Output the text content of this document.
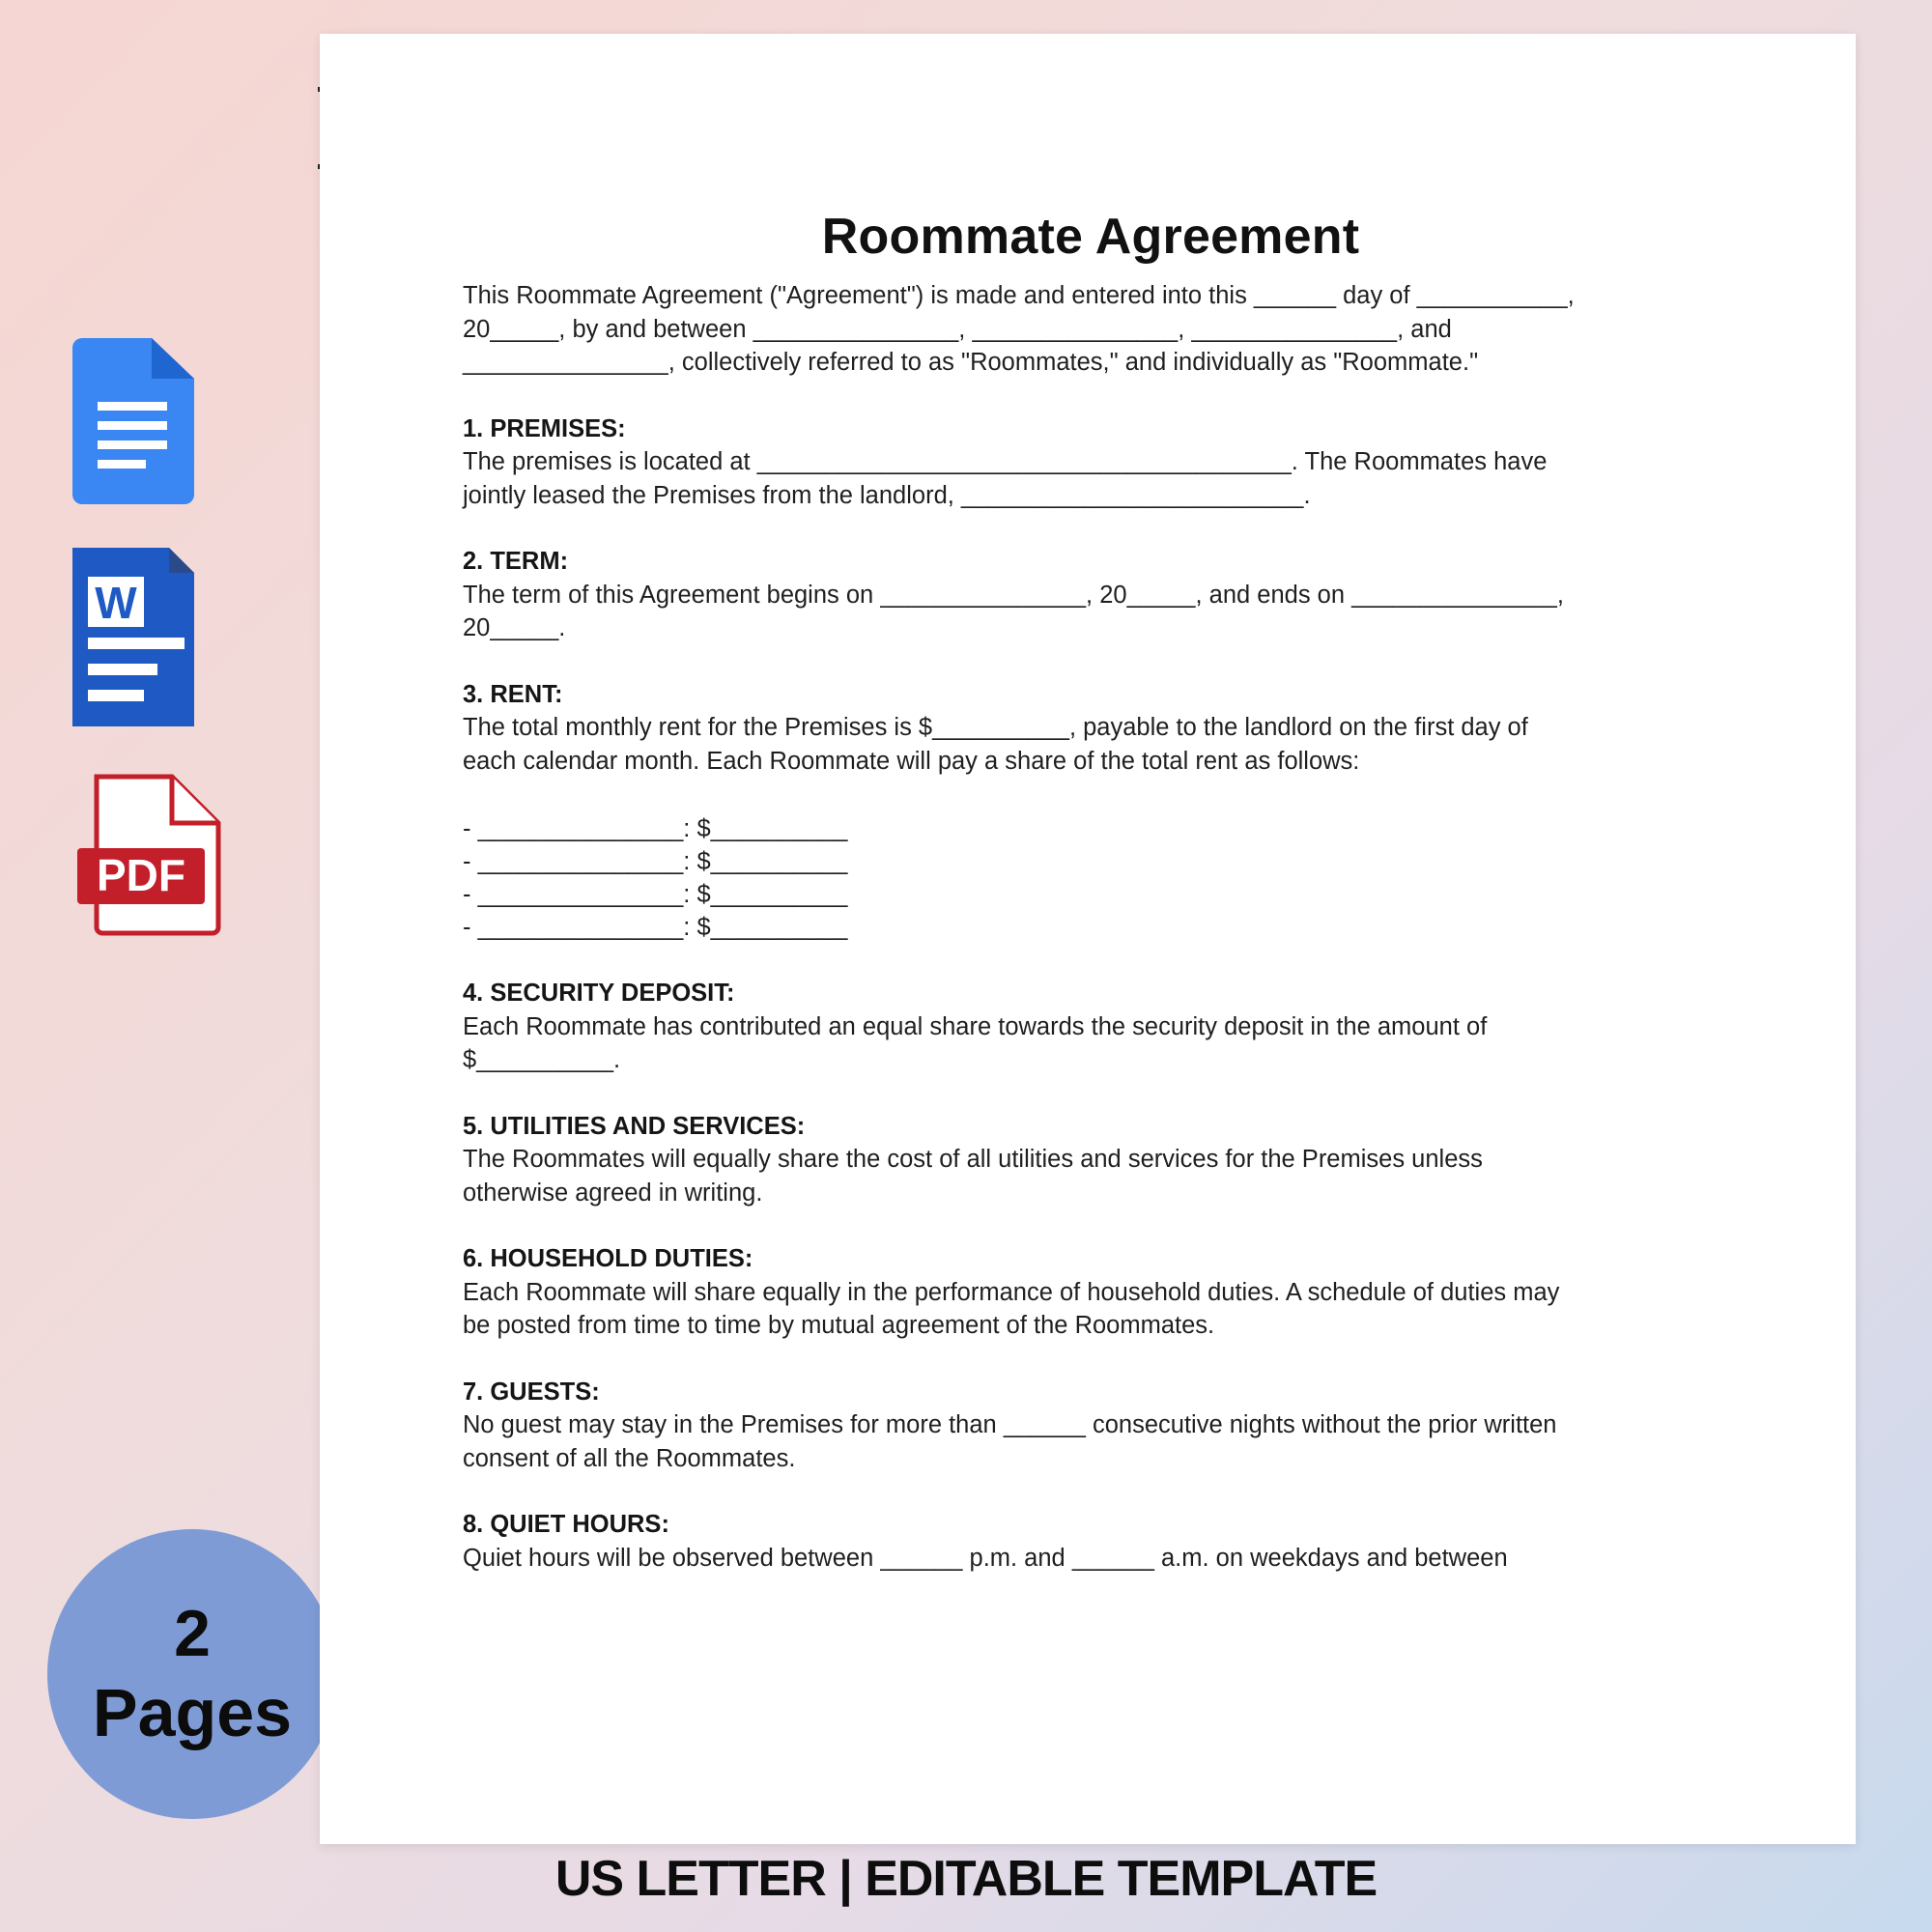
W
PDF
2
Pages
Roommate Agreement

This Roommate Agreement ("Agreement") is made and entered into this ______ day of ___________,

20_____, by and between _______________, _______________, _______________, and

_______________, collectively referred to as "Roommates," and individually as "Roommate."

1. PREMISES:

The premises is located at _______________________________________. The Roommates have

jointly leased the Premises from the landlord, _________________________.

2. TERM:

The term of this Agreement begins on _______________, 20_____, and ends on _______________,

20_____.

3. RENT:

The total monthly rent for the Premises is $__________, payable to the landlord on the first day of

each calendar month. Each Roommate will pay a share of the total rent as follows:

- _______________: $__________

- _______________: $__________

- _______________: $__________

- _______________: $__________

4. SECURITY DEPOSIT:

Each Roommate has contributed an equal share towards the security deposit in the amount of

$__________.

5. UTILITIES AND SERVICES:

The Roommates will equally share the cost of all utilities and services for the Premises unless

otherwise agreed in writing.

6. HOUSEHOLD DUTIES:

Each Roommate will share equally in the performance of household duties. A schedule of duties may

be posted from time to time by mutual agreement of the Roommates.

7. GUESTS:

No guest may stay in the Premises for more than ______ consecutive nights without the prior written

consent of all the Roommates.

8. QUIET HOURS:

Quiet hours will be observed between ______ p.m. and ______ a.m. on weekdays and between

US LETTER | EDITABLE TEMPLATE
